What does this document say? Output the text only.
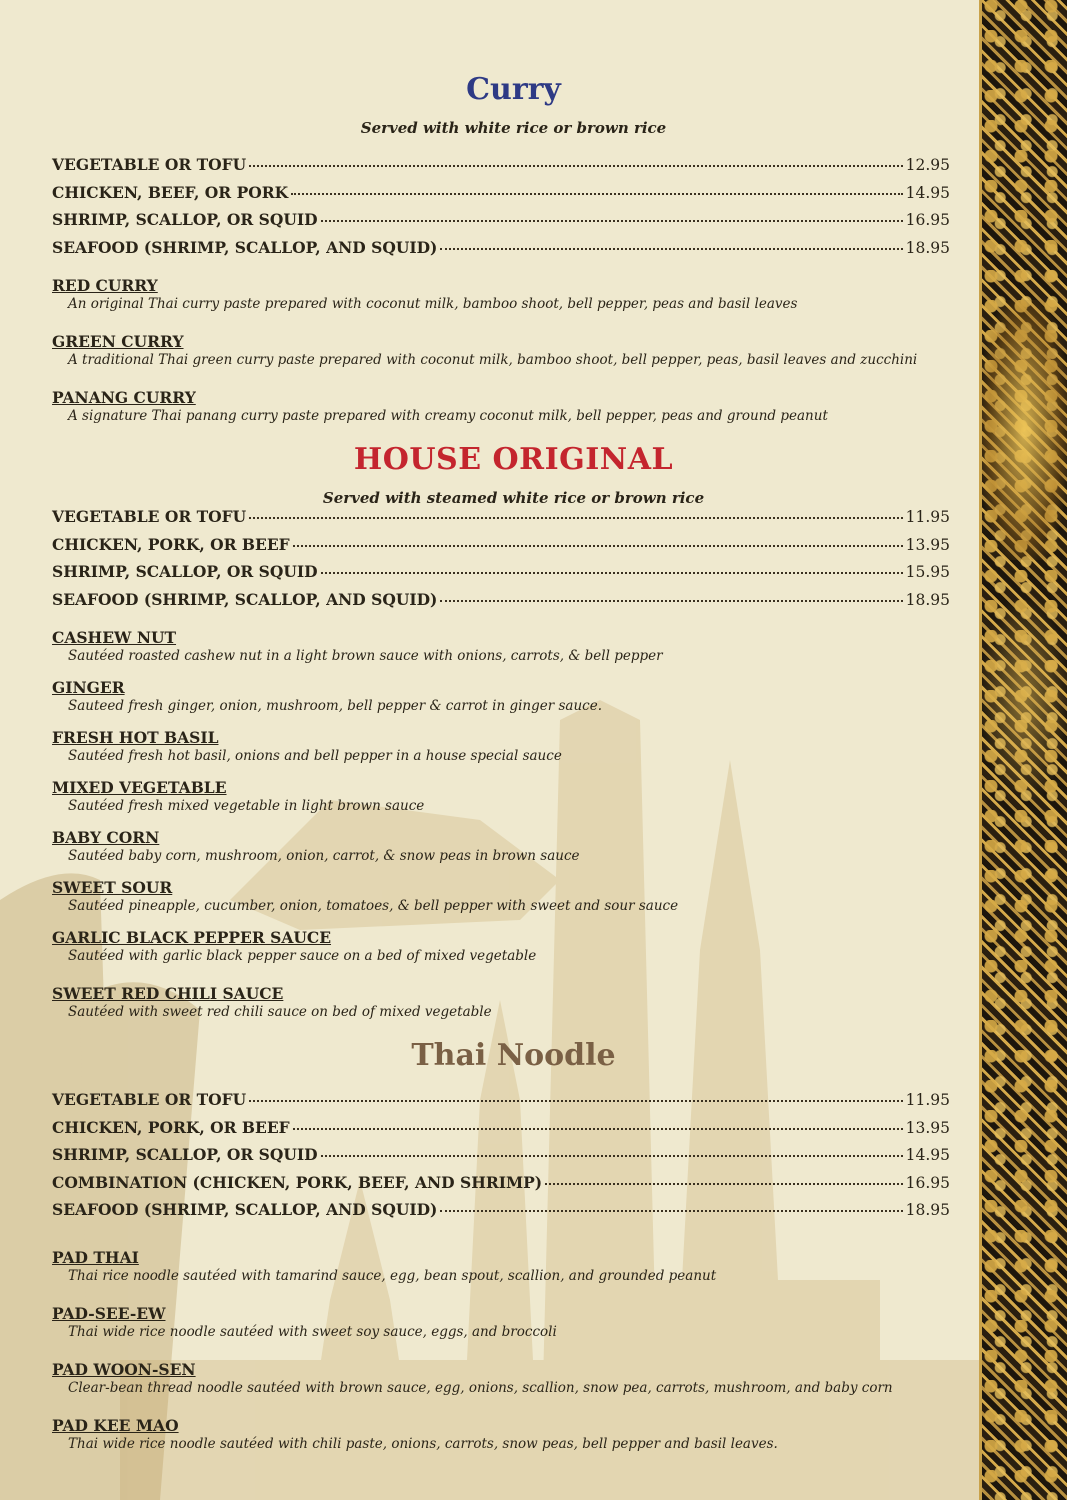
Curry
Served with white rice or brown rice
VEGETABLE OR TOFU	12.95
CHICKEN, BEEF, OR PORK	14.95
SHRIMP, SCALLOP, OR SQUID	16.95
SEAFOOD (SHRIMP, SCALLOP, AND SQUID)	18.95
RED CURRY
An original Thai curry paste prepared with coconut milk, bamboo shoot, bell pepper, peas and basil leaves
GREEN CURRY
A traditional Thai green curry paste prepared with coconut milk, bamboo shoot, bell pepper, peas, basil leaves and zucchini
PANANG CURRY
A signature Thai panang curry paste prepared with creamy coconut milk, bell pepper, peas and ground peanut
HOUSE ORIGINAL
Served with steamed white rice or brown rice
VEGETABLE OR TOFU	11.95
CHICKEN, PORK, OR BEEF	13.95
SHRIMP, SCALLOP, OR SQUID	15.95
SEAFOOD (SHRIMP, SCALLOP, AND SQUID)	18.95
CASHEW NUT
Sautéed roasted cashew nut in a light brown sauce with onions, carrots, & bell pepper
GINGER
Sauteed fresh ginger, onion, mushroom, bell pepper & carrot in ginger sauce.
FRESH HOT BASIL
Sautéed fresh hot basil, onions and bell pepper in a house special sauce
MIXED VEGETABLE
Sautéed fresh mixed vegetable in light brown sauce
BABY CORN
Sautéed baby corn, mushroom, onion, carrot, & snow peas in brown sauce
SWEET SOUR
Sautéed pineapple, cucumber, onion, tomatoes, & bell pepper with sweet and sour sauce
GARLIC BLACK PEPPER SAUCE
Sautéed with garlic black pepper sauce on a bed of mixed vegetable
SWEET RED CHILI SAUCE
Sautéed with sweet red chili sauce on bed of mixed vegetable
Thai Noodle
VEGETABLE OR TOFU	11.95
CHICKEN, PORK, OR BEEF	13.95
SHRIMP, SCALLOP, OR SQUID	14.95
COMBINATION (CHICKEN, PORK, BEEF, AND SHRIMP)	16.95
SEAFOOD (SHRIMP, SCALLOP, AND SQUID)	18.95
PAD THAI
Thai rice noodle sautéed with tamarind sauce, egg, bean spout, scallion, and grounded peanut
PAD-SEE-EW
Thai wide rice noodle sautéed with sweet soy sauce, eggs, and broccoli
PAD WOON-SEN
Clear-bean thread noodle sautéed with brown sauce, egg, onions, scallion, snow pea, carrots, mushroom, and baby corn
PAD KEE MAO
Thai wide rice noodle sautéed with chili paste, onions, carrots, snow peas, bell pepper and basil leaves.
